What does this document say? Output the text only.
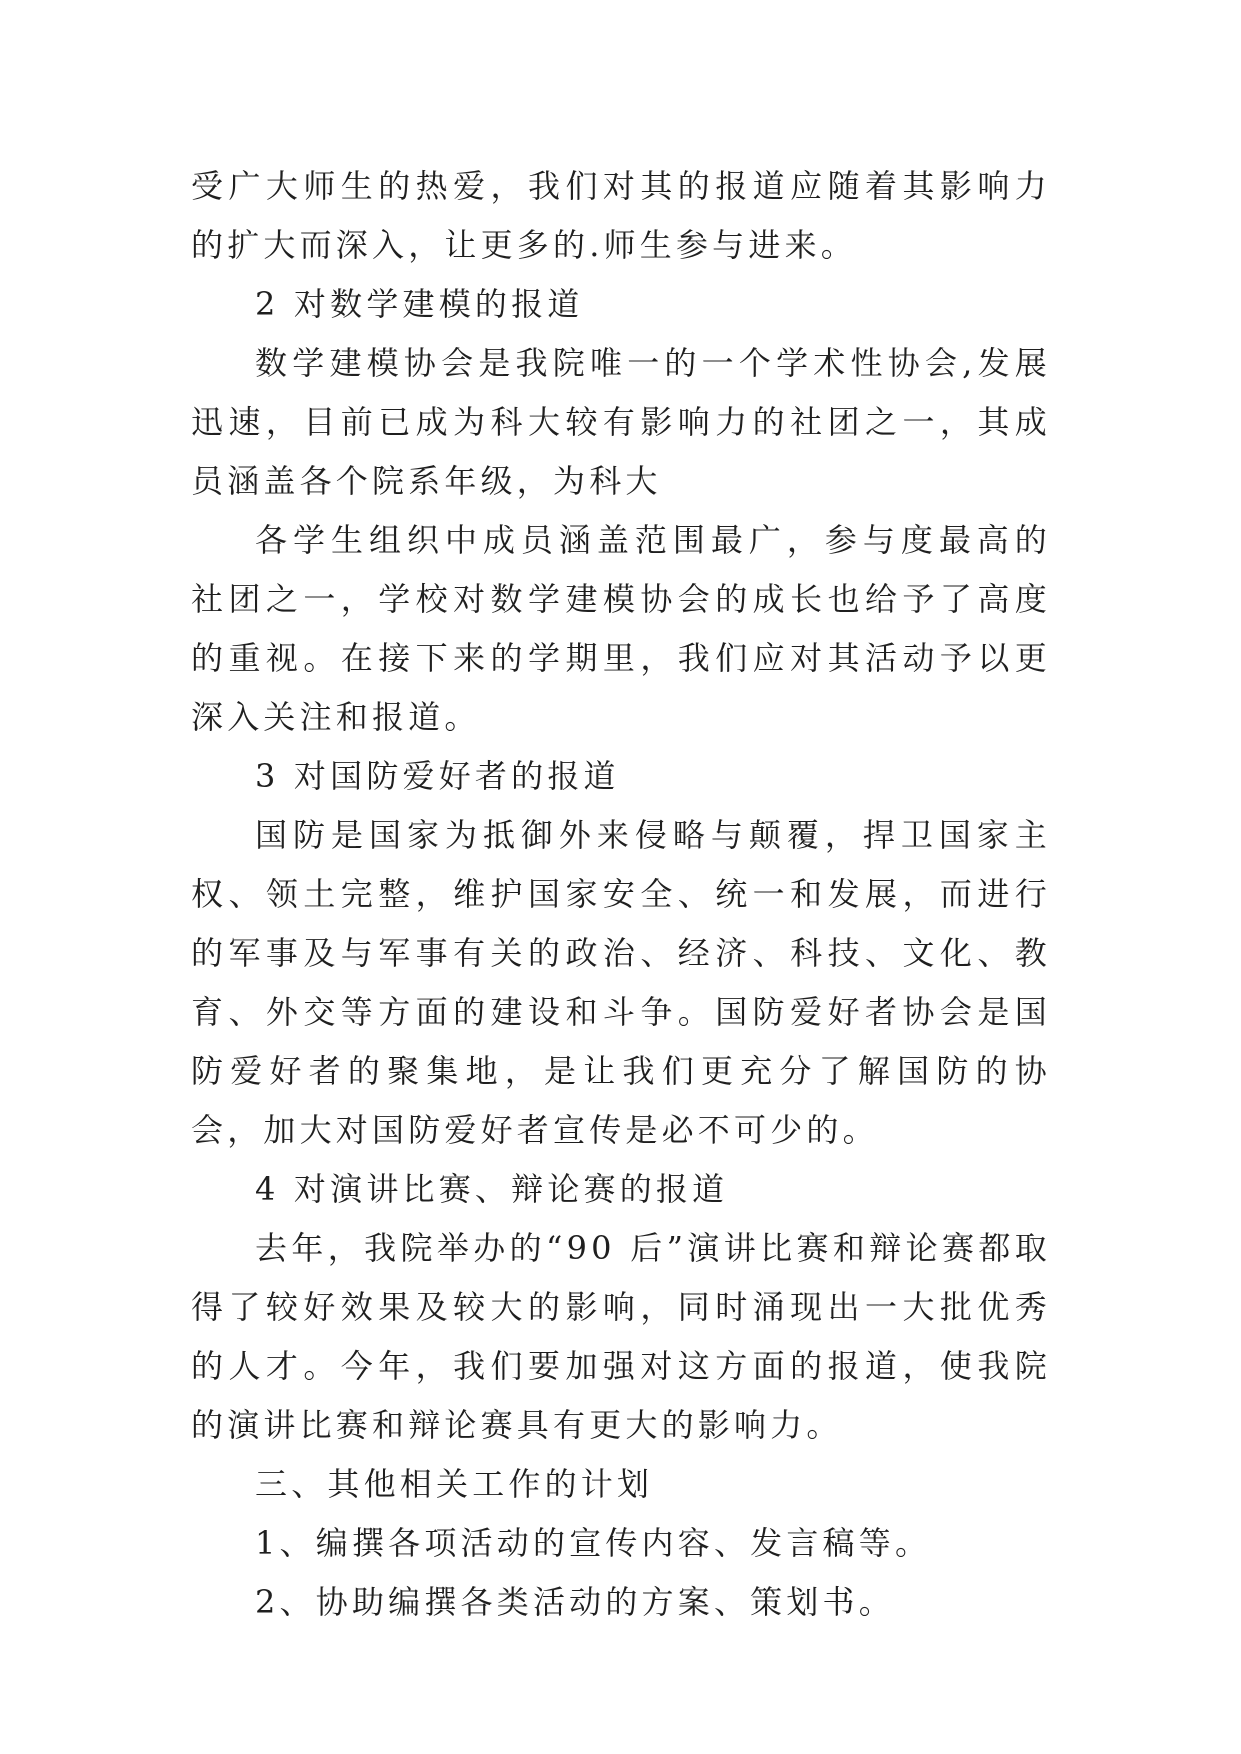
受广大师生的热爱，我们对其的报道应随着其影响力的扩大而深入，让更多的.师生参与进来。

2 对数学建模的报道

数学建模协会是我院唯一的一个学术性协会,发展迅速，目前已成为科大较有影响力的社团之一，其成员涵盖各个院系年级，为科大

各学生组织中成员涵盖范围最广，参与度最高的社团之一，学校对数学建模协会的成长也给予了高度的重视。在接下来的学期里，我们应对其活动予以更深入关注和报道。

3 对国防爱好者的报道

国防是国家为抵御外来侵略与颠覆，捍卫国家主权、领土完整，维护国家安全、统一和发展，而进行的军事及与军事有关的政治、经济、科技、文化、教育、外交等方面的建设和斗争。国防爱好者协会是国防爱好者的聚集地，是让我们更充分了解国防的协会，加大对国防爱好者宣传是必不可少的。

4 对演讲比赛、辩论赛的报道

去年，我院举办的“90 后”演讲比赛和辩论赛都取得了较好效果及较大的影响，同时涌现出一大批优秀的人才。今年，我们要加强对这方面的报道，使我院的演讲比赛和辩论赛具有更大的影响力。

三、其他相关工作的计划

1、编撰各项活动的宣传内容、发言稿等。

2、协助编撰各类活动的方案、策划书。
